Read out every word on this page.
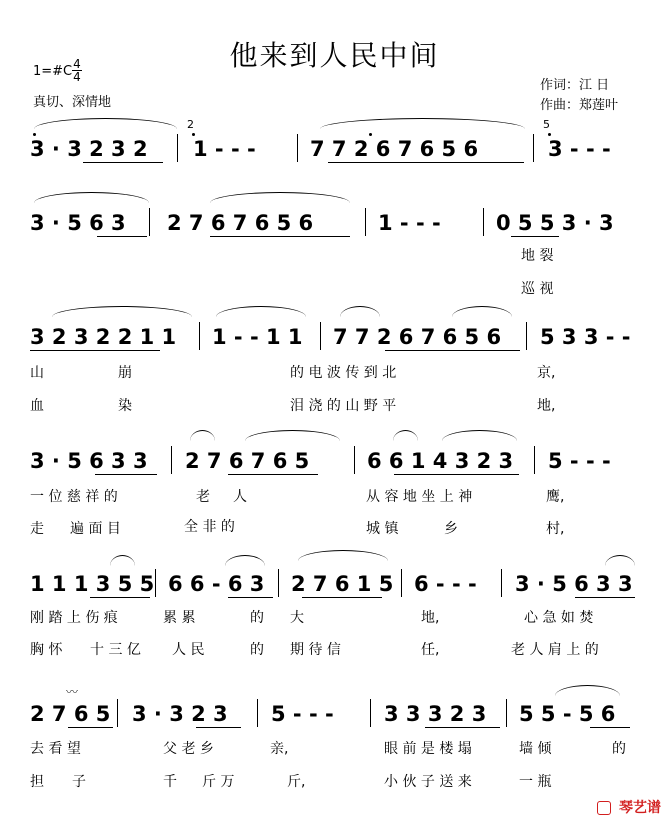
他来到人民中间
1=#C $\frac{4}{4}$
真切、深情地
作词：江 日
作曲：郑莲叶
3 · 3 2 3 2
2
1 - - -	7 7 2 6 7 6 5 6
5
3 - - -
3 · 5 6 3 2 7 6 7 6 5 6	1 - - -	0 5 5 3 · 3
地 裂
巡 视
3 2 3 2 2 1 1 1 - - 1 1 7 7 2 6 7 6 5 6 5 3 3 - -
山	崩	的 电 波 传 到 北	京,
血	染	泪 浇 的 山 野 平	地,
3 · 5 6 3 3 2 7 6 7 6 5	6 6 1 4 3 2 3 5 - - -
一 位 慈 祥 的	老 人	从 容 地 坐 上 神	鹰,
走 遍 面 目	全 非 的	城 镇	乡	村,
1 1 1 3 5 5 6 6 - 6 3 2 7 6 1 5 6 - - - 3 · 5 6 3 3
刚 踏 上 伤 痕	累 累	的 大	地,	心 急 如 焚
胸 怀 十 三 亿 人 民	的 期 待 信	任,	老 人 肩 上 的
2 7 6 5 3 · 3 2 3 5 - - - 3 3 3 2 3 5 5 - 5 6
〰
去 看 望	父 老 乡	亲,	眼 前 是 楼 塌	墙 倾	的
担 子	千 斤 万	斤,	小 伙 子 送 来	一 瓶
琴艺谱
